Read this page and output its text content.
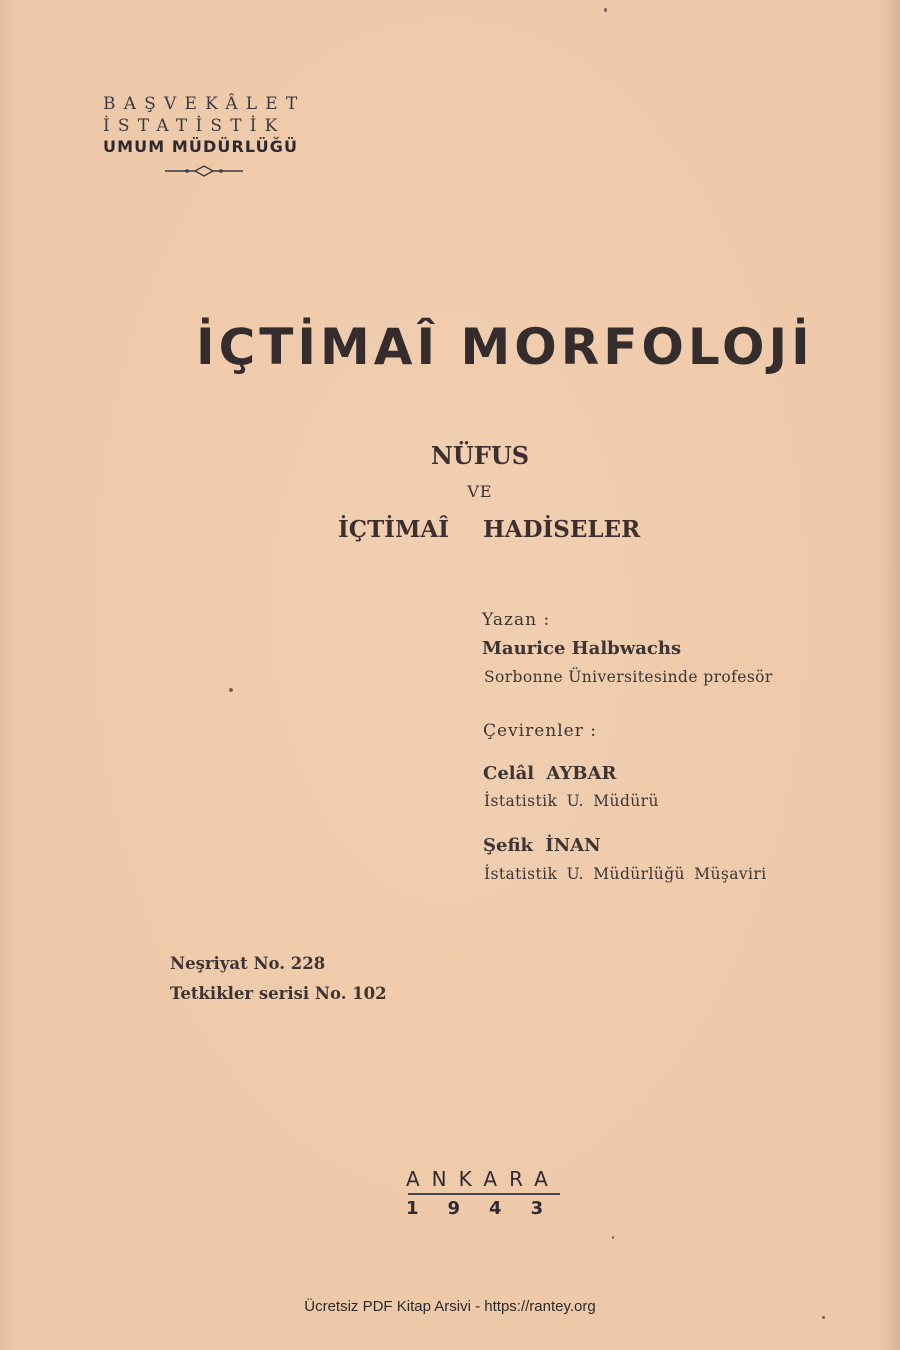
BAŞVEKÂLET
İSTATİSTİK
UMUM MÜDÜRLÜĞÜ
İÇTİMAÎ MORFOLOJİ
NÜFUS
VE
İÇTİMAÎ HADİSELER
Yazan :
Maurice Halbwachs
Sorbonne Üniversitesinde profesör
Çevirenler :
Celâl AYBAR
İstatistik U. Müdürü
Şefik İNAN
İstatistik U. Müdürlüğü Müşaviri
Neşriyat No. 228
Tetkikler serisi No. 102
ANKARA
1943
Ücretsiz PDF Kitap Arsivi - https://rantey.org
